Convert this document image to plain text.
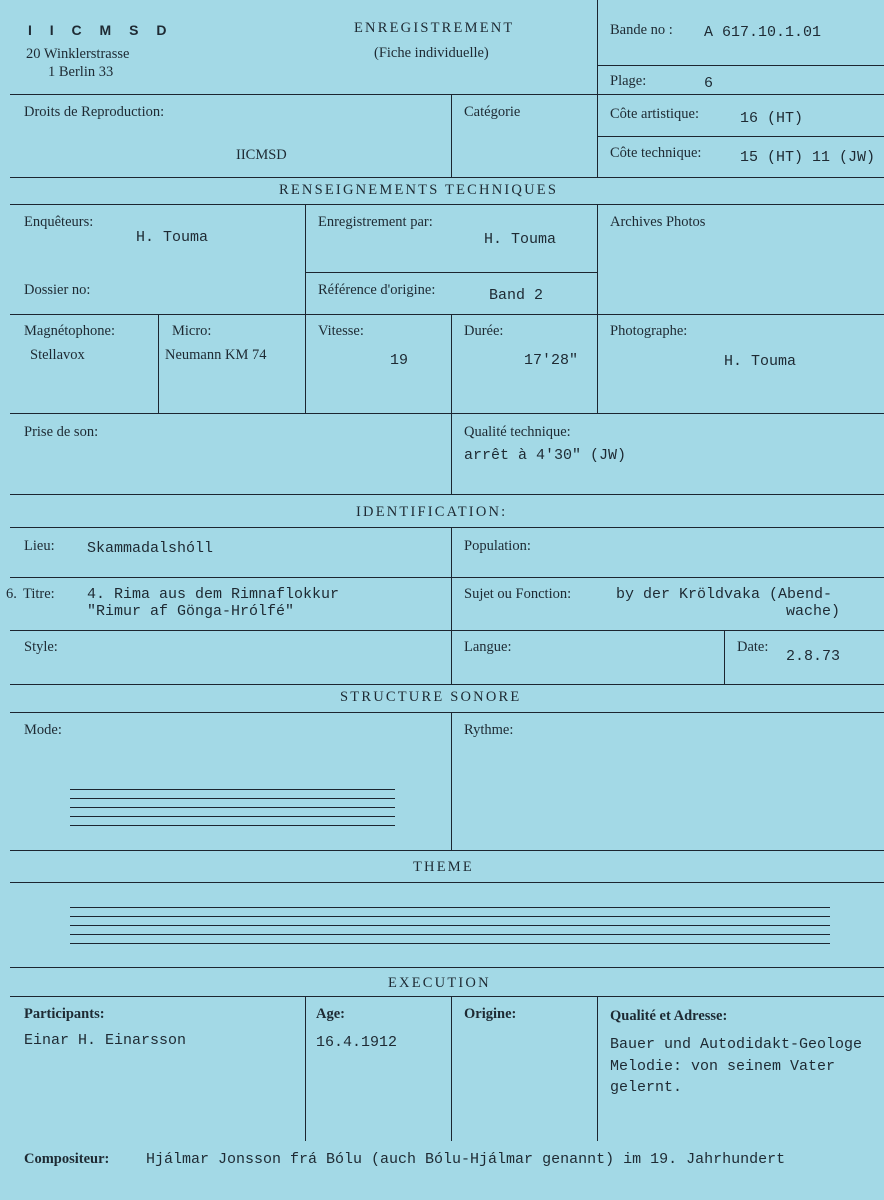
I I C M S D
20 Winklerstrasse
1 Berlin 33
ENREGISTREMENT
(Fiche individuelle)
Bande no : A 617.10.1.01
Plage:	6
Droits de Reproduction:
IICMSD
Catégorie	Côte artistique:	16 (HT)
Côte technique:	15 (HT) 11 (JW)
RENSEIGNEMENTS TECHNIQUES
Enquêteurs:
H. Touma
Enregistrement par:
H. Touma
Archives Photos
Dossier no:	Référence d'origine:	Band 2
Magnétophone:
Stellavox
Micro:
Neumann KM 74
Vitesse:
19
Durée:
17'28"
Photographe:
H. Touma
Prise de son:	Qualité technique:
arrêt à 4'30" (JW)
IDENTIFICATION:
Lieu: Skammadalshóll	Population:
6. Titre: 4. Rima aus dem Rimnaflokkur
"Rimur af Gönga-Hrólfé"
Sujet ou Fonction:	by der Kröldvaka (Abend-
wache)
Style:	Langue:	Date:
2.8.73
STRUCTURE SONORE
Mode:	Rythme:
THEME
EXECUTION
Participants:
Einar H. Einarsson
Age:
16.4.1912
Origine:	Qualité et Adresse:
Bauer und Autodidakt-Geologe
Melodie: von seinem Vater
gelernt.
Compositeur: Hjálmar Jonsson frá Bólu (auch Bólu-Hjálmar genannt) im 19. Jahrhundert
